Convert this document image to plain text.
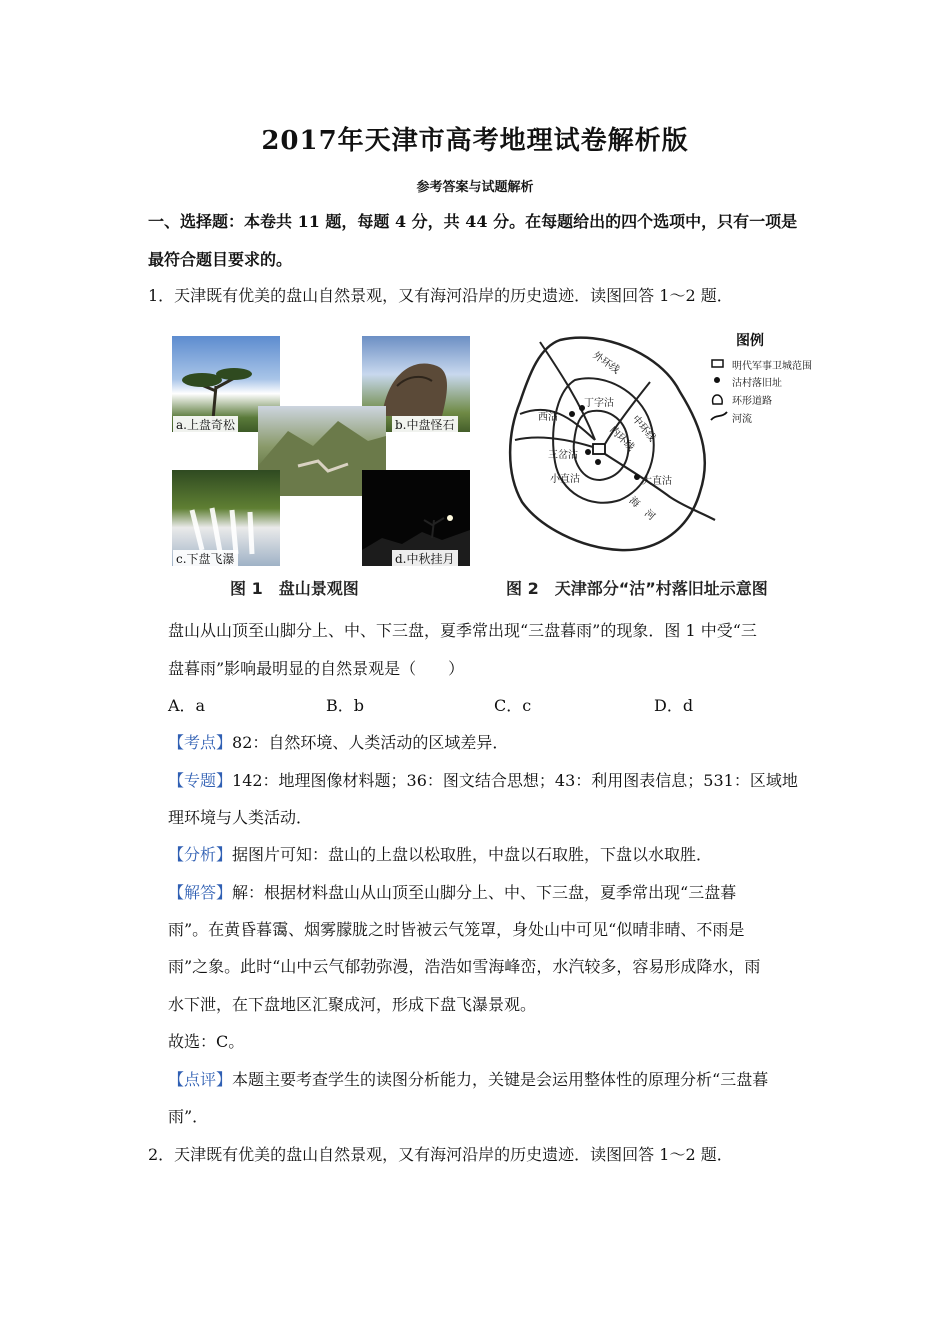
2017年天津市高考地理试卷解析版
参考答案与试题解析
一、选择题：本卷共 11 题，每题 4 分，共 44 分。在每题给出的四个选项中，只有一项是
最符合题目要求的。
1．天津既有优美的盘山自然景观，又有海河沿岸的历史遗迹．读图回答 1～2 题．
a.上盘奇松	b.中盘怪石
c.下盘飞瀑	d.中秋挂月
图 1　盘山景观图
图例
明代军事卫城范围
沽村落旧址
环形道路
河流
外环线
中环线
内环线
丁字沽
西沽
三岔沽
小直沽	大直沽
海　河
图 2　天津部分“沽”村落旧址示意图
盘山从山顶至山脚分上、中、下三盘，夏季常出现“三盘暮雨”的现象．图 1 中受“三
盘暮雨”影响最明显的自然景观是（　　）
A．a	B．b	C．c	D．d
【考点】82：自然环境、人类活动的区域差异．
【专题】142：地理图像材料题；36：图文结合思想；43：利用图表信息；531：区域地
理环境与人类活动．
【分析】据图片可知：盘山的上盘以松取胜，中盘以石取胜，下盘以水取胜．
【解答】解：根据材料盘山从山顶至山脚分上、中、下三盘，夏季常出现“三盘暮
雨”。在黄昏暮霭、烟雾朦胧之时皆被云气笼罩，身处山中可见“似晴非晴、不雨是
雨”之象。此时“山中云气郁勃弥漫，浩浩如雪海峰峦，水汽较多，容易形成降水，雨
水下泄，在下盘地区汇聚成河，形成下盘飞瀑景观。
故选：C。
【点评】本题主要考查学生的读图分析能力，关键是会运用整体性的原理分析“三盘暮
雨”．
2．天津既有优美的盘山自然景观，又有海河沿岸的历史遗迹．读图回答 1～2 题．
